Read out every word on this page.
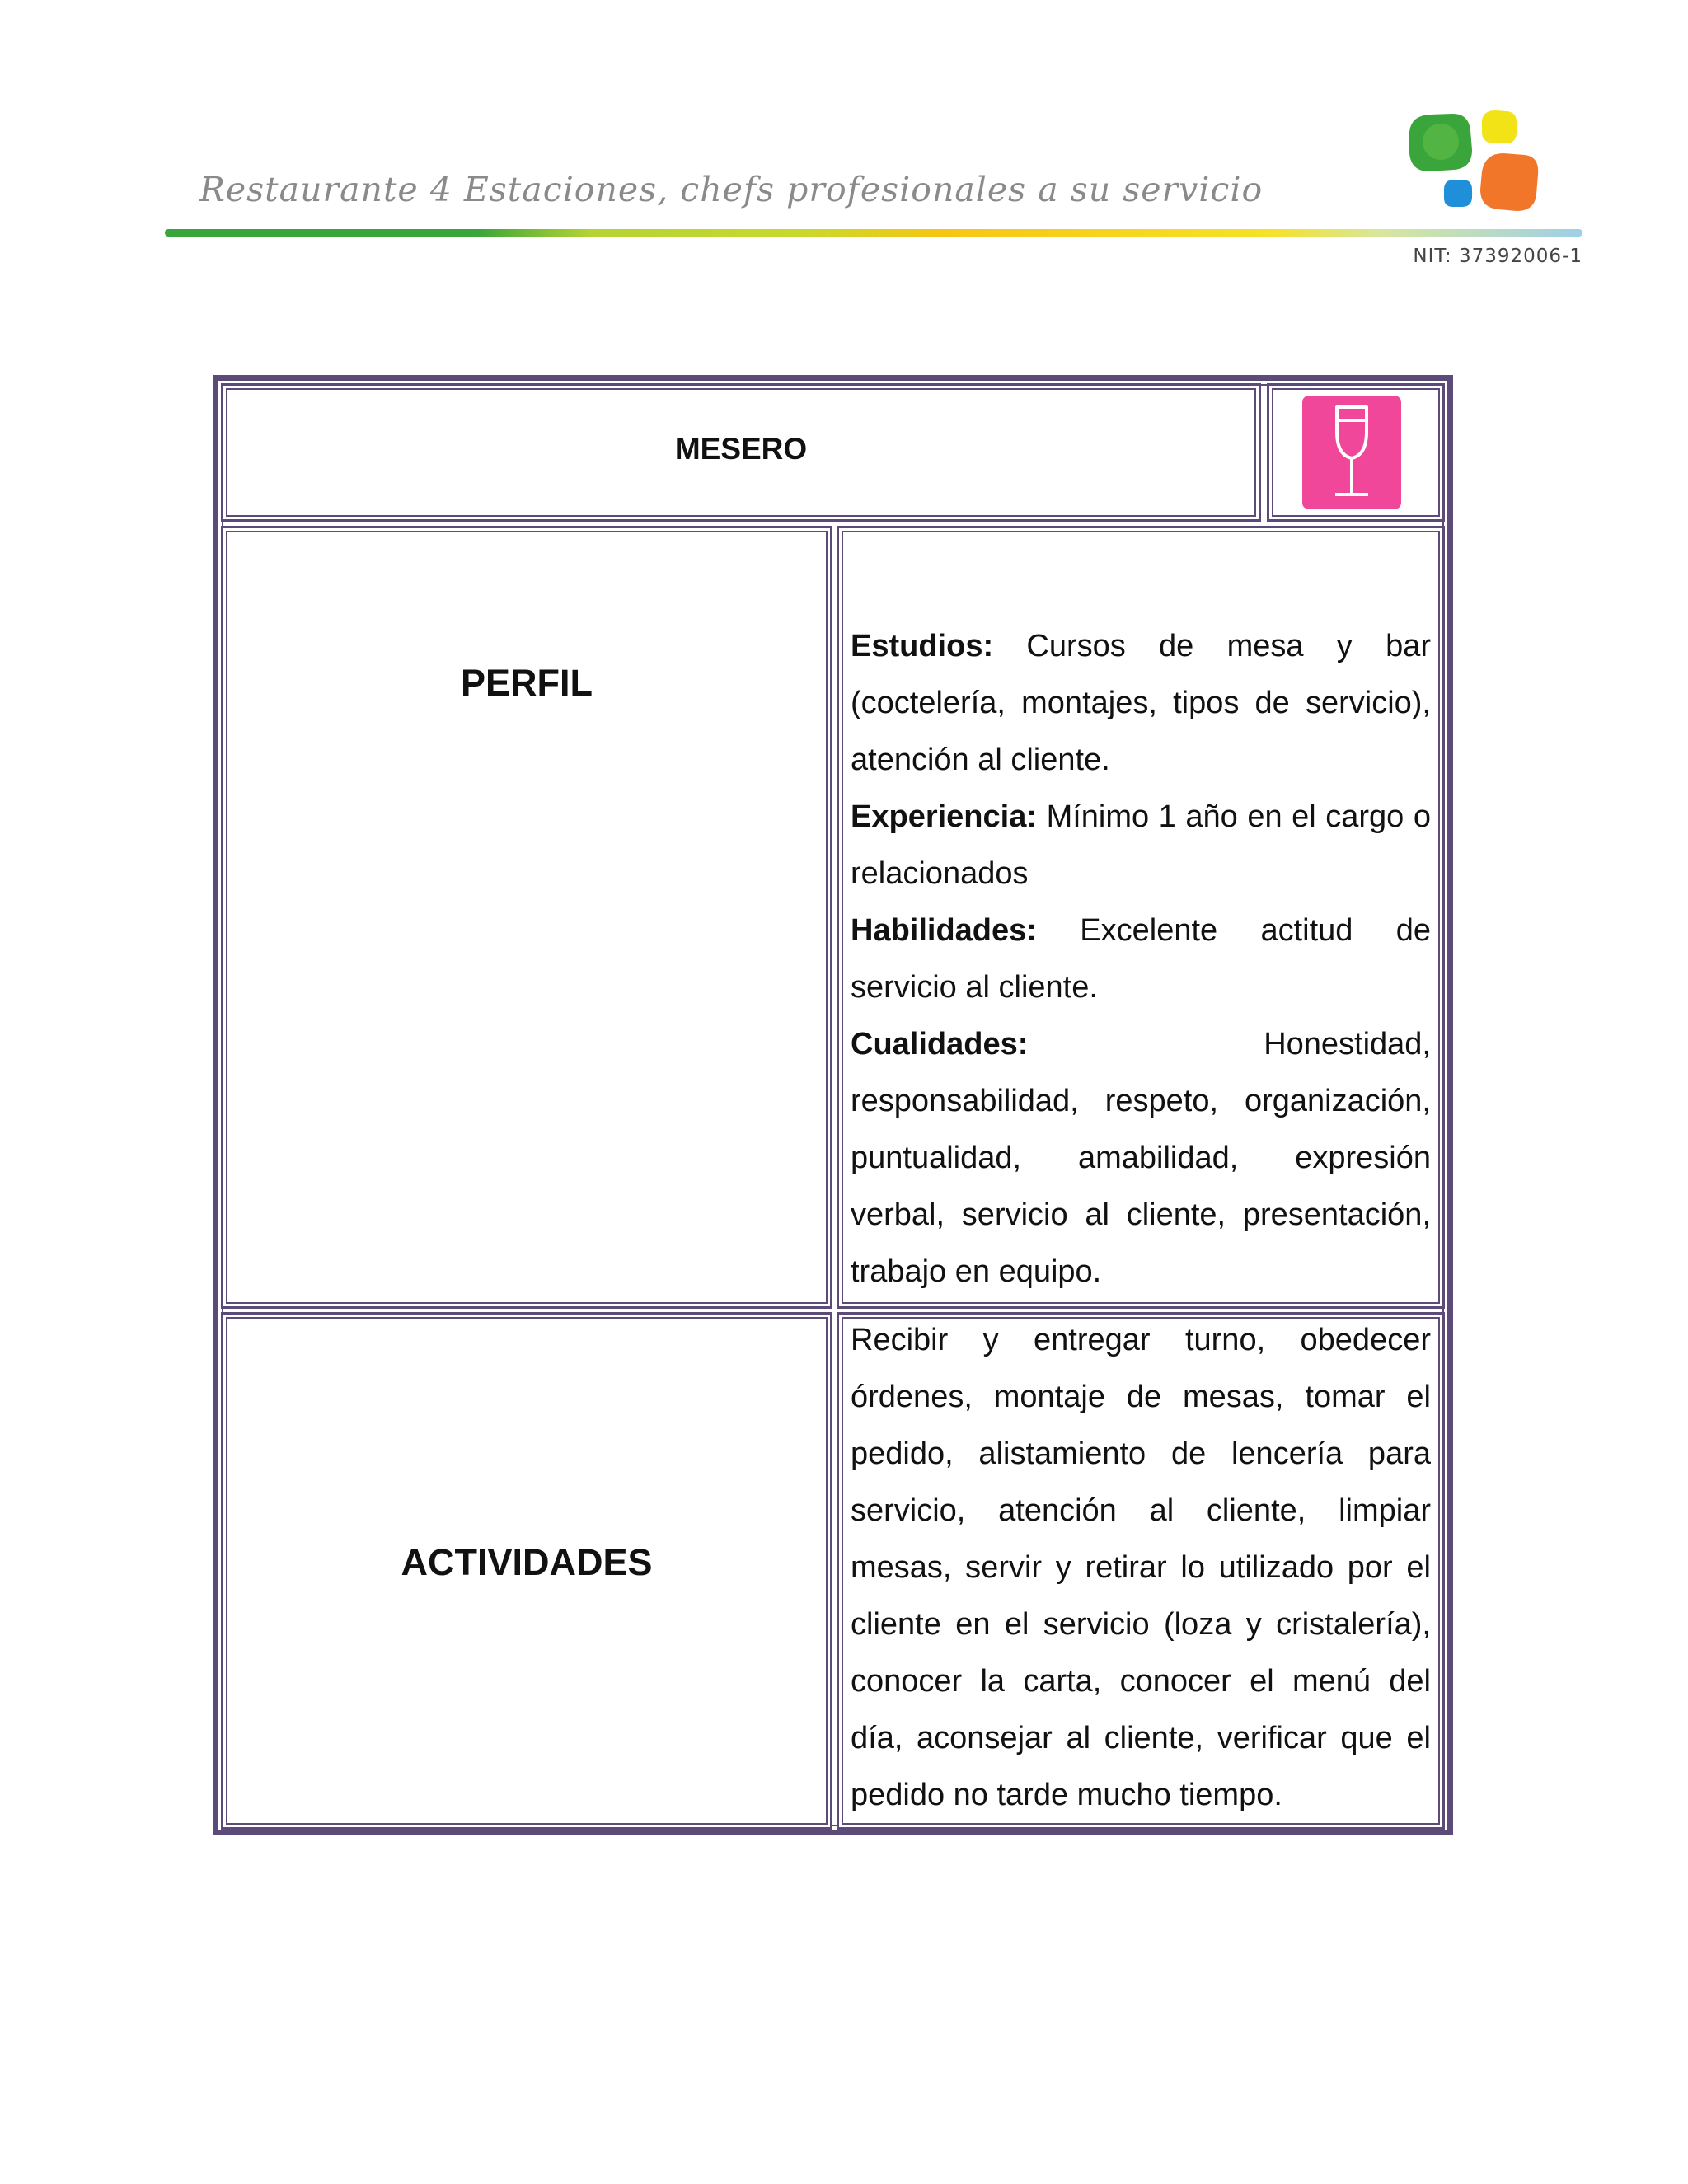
Restaurante 4 Estaciones, chefs profesionales a su servicio
NIT: 37392006-1
MESERO
PERFIL

Estudios: Cursos de mesa y bar (coctelería, montajes, tipos de servicio), atención al cliente.

Experiencia: Mínimo 1 año en el cargo o relacionados

Habilidades: Excelente actitud de servicio al cliente.

Cualidades:	Honestidad, responsabilidad, respeto, organización, puntualidad, amabilidad, expresión verbal, servicio al cliente, presentación, trabajo en equipo.

ACTIVIDADES

Recibir y entregar turno, obedecer órdenes, montaje de mesas, tomar el pedido, alistamiento de lencería para servicio, atención al cliente, limpiar mesas, servir y retirar lo utilizado por el cliente en el servicio (loza y cristalería), conocer la carta, conocer el menú del día, aconsejar al cliente, verificar que el pedido no tarde mucho tiempo.
